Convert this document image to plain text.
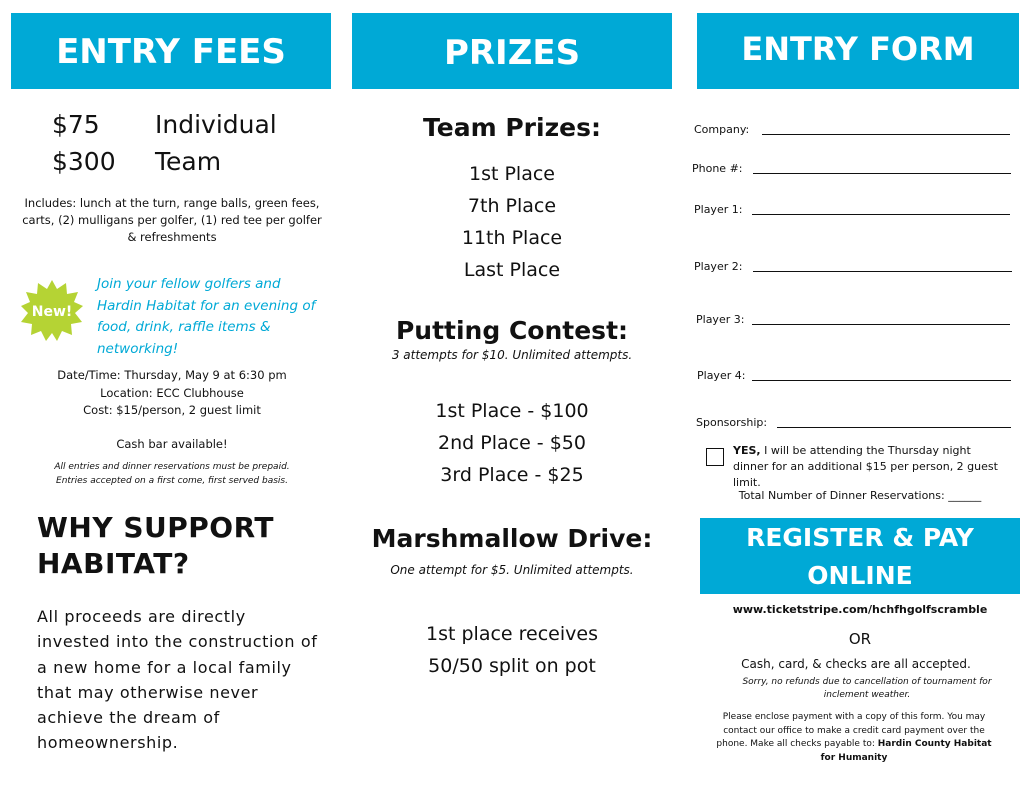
ENTRY FEES
$75 Individual
$300 Team
Includes: lunch at the turn, range balls, green fees, carts, (2) mulligans per golfer, (1) red tee per golfer & refreshments
New!
Join your fellow golfers and Hardin Habitat for an evening of food, drink, raffle items & networking!
Date/Time: Thursday, May 9 at 6:30 pm
Location: ECC Clubhouse
Cost: $15/person, 2 guest limit
Cash bar available!
All entries and dinner reservations must be prepaid.
Entries accepted on a first come, first served basis.
WHY SUPPORT HABITAT?
All proceeds are directly invested into the construction of a new home for a local family that may otherwise never achieve the dream of homeownership.
PRIZES
Team Prizes:
1st Place
7th Place
11th Place
Last Place
Putting Contest:
3 attempts for $10. Unlimited attempts.
1st Place - $100
2nd Place - $50
3rd Place - $25
Marshmallow Drive:
One attempt for $5. Unlimited attempts.
1st place receives
50/50 split on pot
ENTRY FORM
Company:
Phone #:
Player 1:
Player 2:
Player 3:
Player 4:
Sponsorship:
YES, I will be attending the Thursday night dinner for an additional $15 per person, 2 guest limit.
Total Number of Dinner Reservations: ______
REGISTER & PAY ONLINE
www.ticketstripe.com/hchfhgolfscramble
OR
Cash, card, & checks are all accepted.
Sorry, no refunds due to cancellation of tournament for inclement weather.
Please enclose payment with a copy of this form. You may contact our office to make a credit card payment over the phone. Make all checks payable to: Hardin County Habitat for Humanity
